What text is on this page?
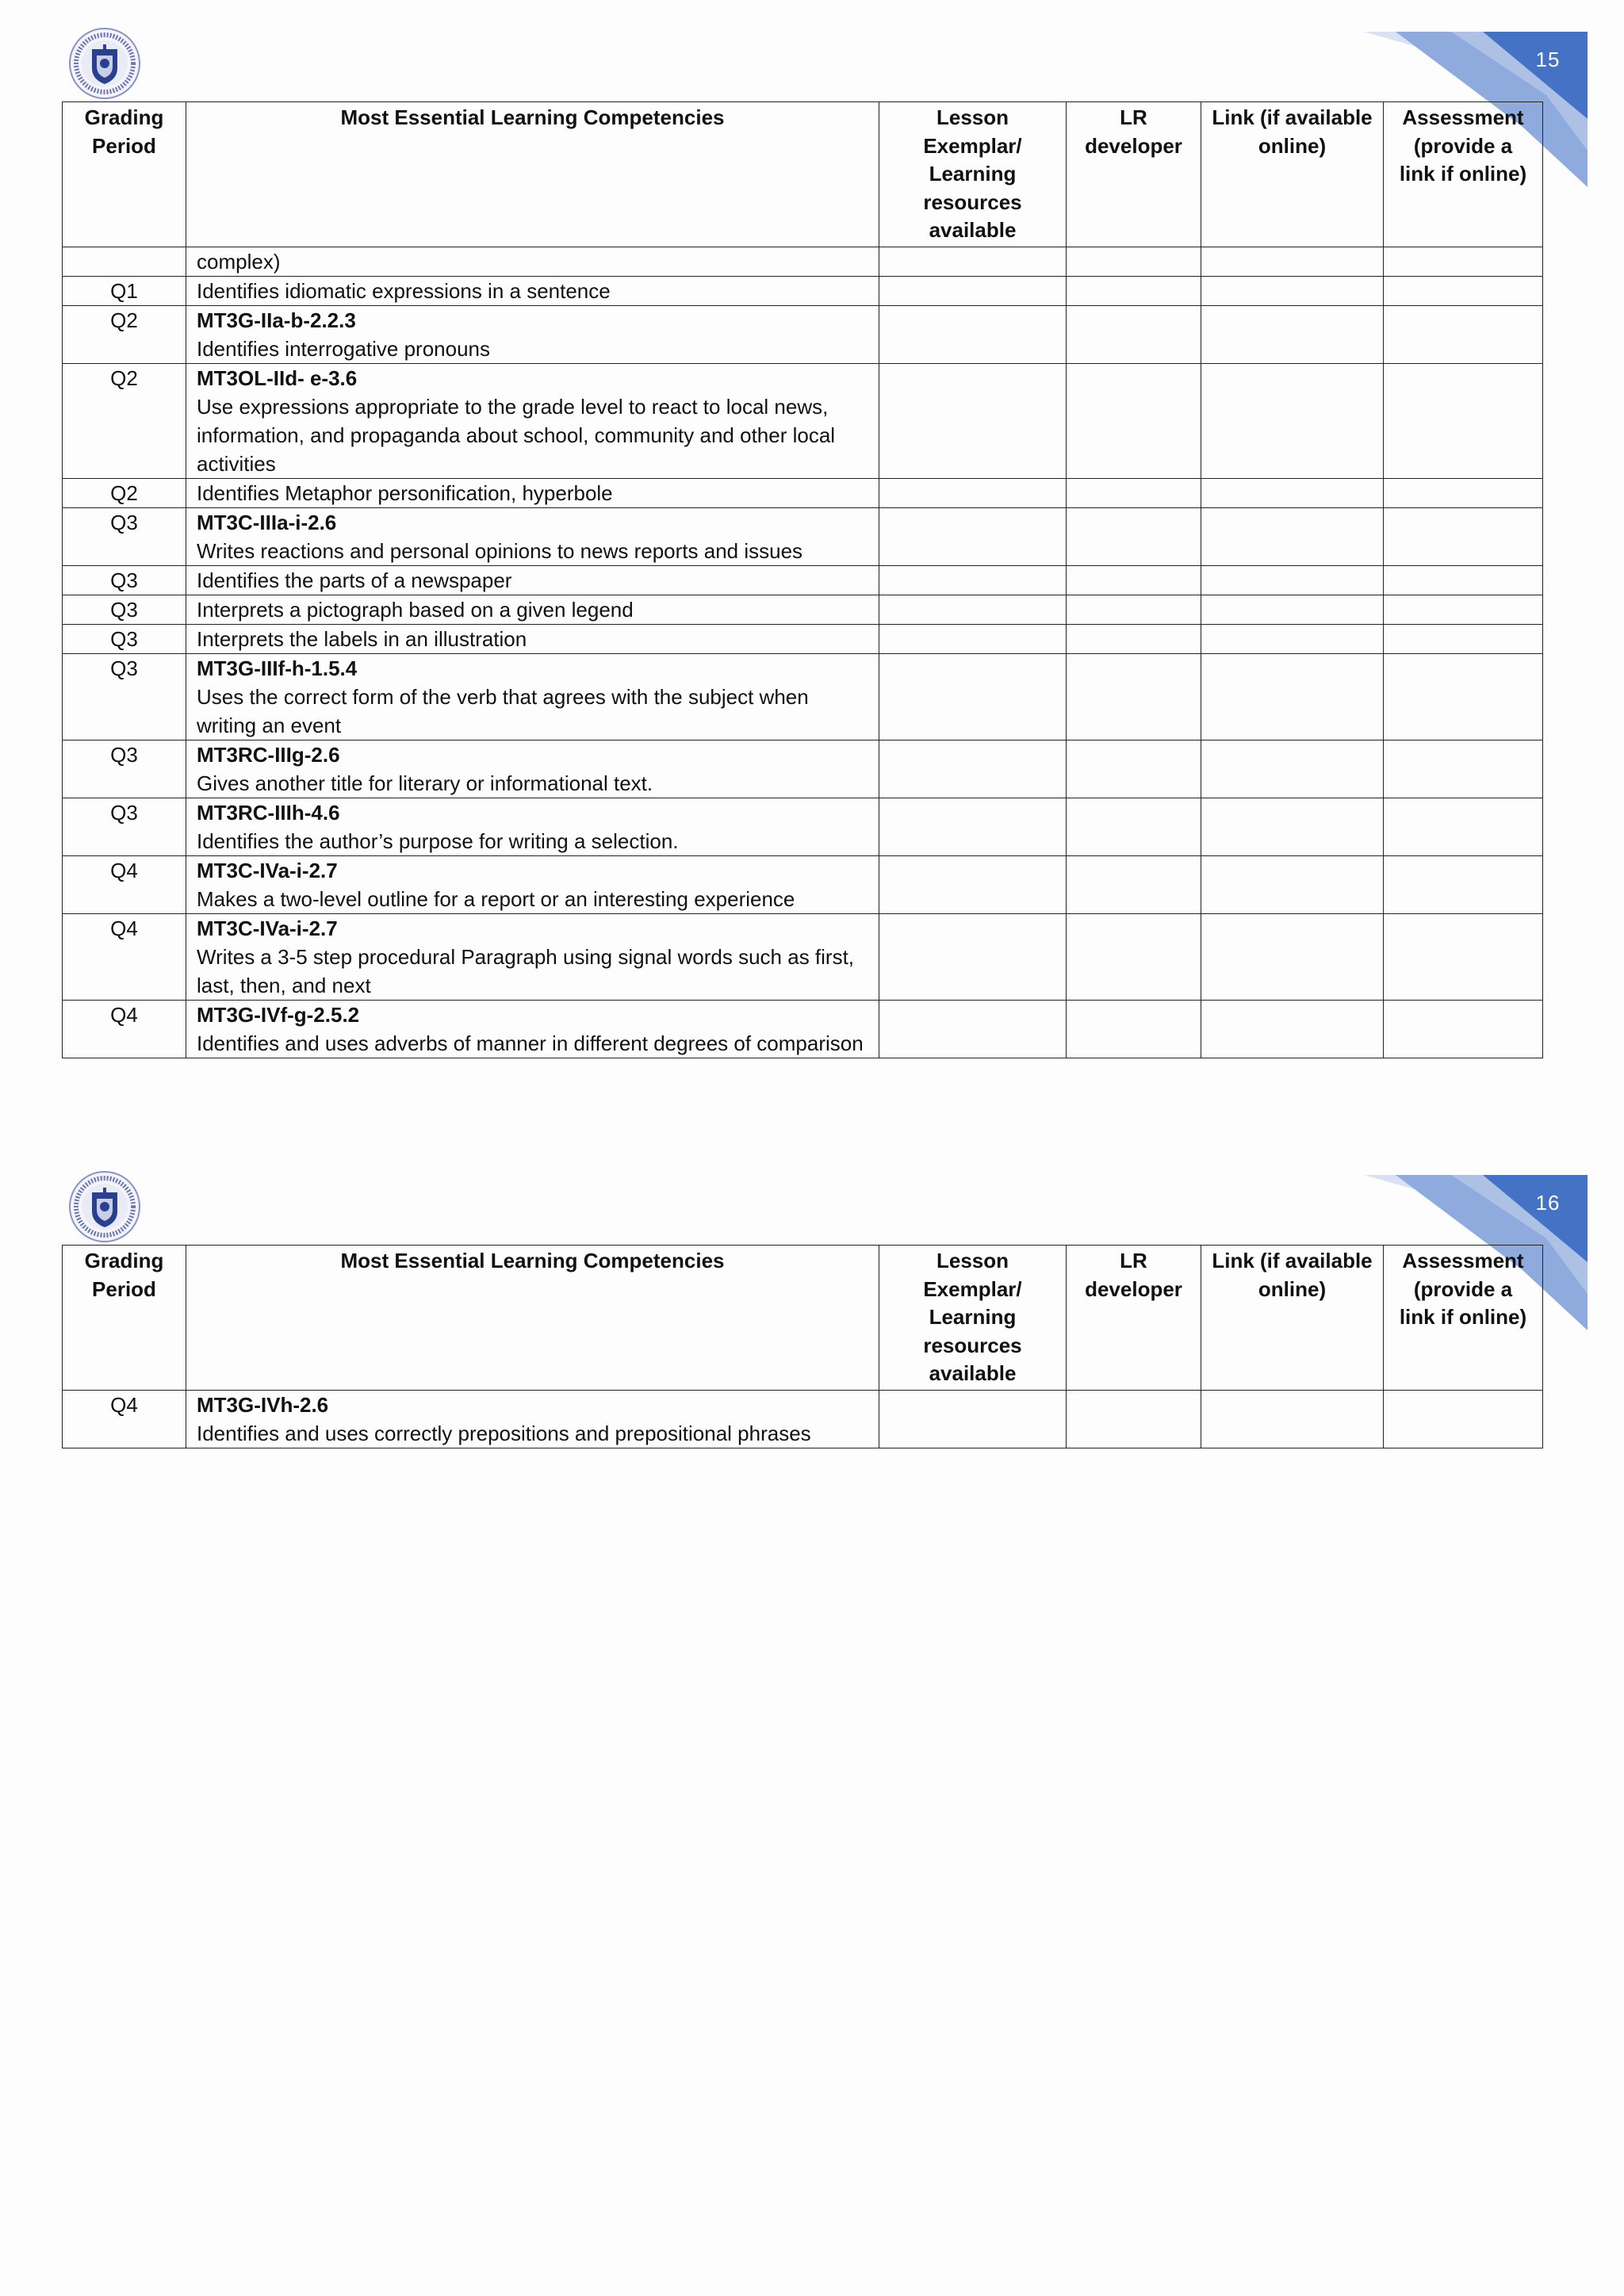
15
Grading Period	Most Essential Learning Competencies	Lesson Exemplar/ Learning resources available	LR developer	Link (if available online)	Assessment (provide a link if online)

	complex)				

Q1	Identifies idiomatic expressions in a sentence				

Q2	MT3G-IIa-b-2.2.3
Identifies interrogative pronouns				

Q2	MT3OL-IId- e-3.6
Use expressions appropriate to the grade level to react to local news, information, and propaganda about school, community and other local activities				

Q2	Identifies Metaphor personification, hyperbole				

Q3	MT3C-IIIa-i-2.6
Writes reactions and personal opinions to news reports and issues				

Q3	Identifies the parts of a newspaper				

Q3	Interprets a pictograph based on a given legend				

Q3	Interprets the labels in an illustration				

Q3	MT3G-IIIf-h-1.5.4
Uses the correct form of the verb that agrees with the subject when writing an event				

Q3	MT3RC-IIIg-2.6
Gives another title for literary or informational text.				

Q3	MT3RC-IIIh-4.6
Identifies the author’s purpose for writing a selection.				

Q4	MT3C-IVa-i-2.7
Makes a two-level outline for a report or an interesting experience				

Q4	MT3C-IVa-i-2.7
Writes a 3-5 step procedural Paragraph using signal words such as first, last, then, and next				

Q4	MT3G-IVf-g-2.5.2
Identifies and uses adverbs of manner in different degrees of comparison				

16
Grading Period	Most Essential Learning Competencies	Lesson Exemplar/ Learning resources available	LR developer	Link (if available online)	Assessment (provide a link if online)
Q4	MT3G-IVh-2.6
Identifies and uses correctly prepositions and prepositional phrases				
